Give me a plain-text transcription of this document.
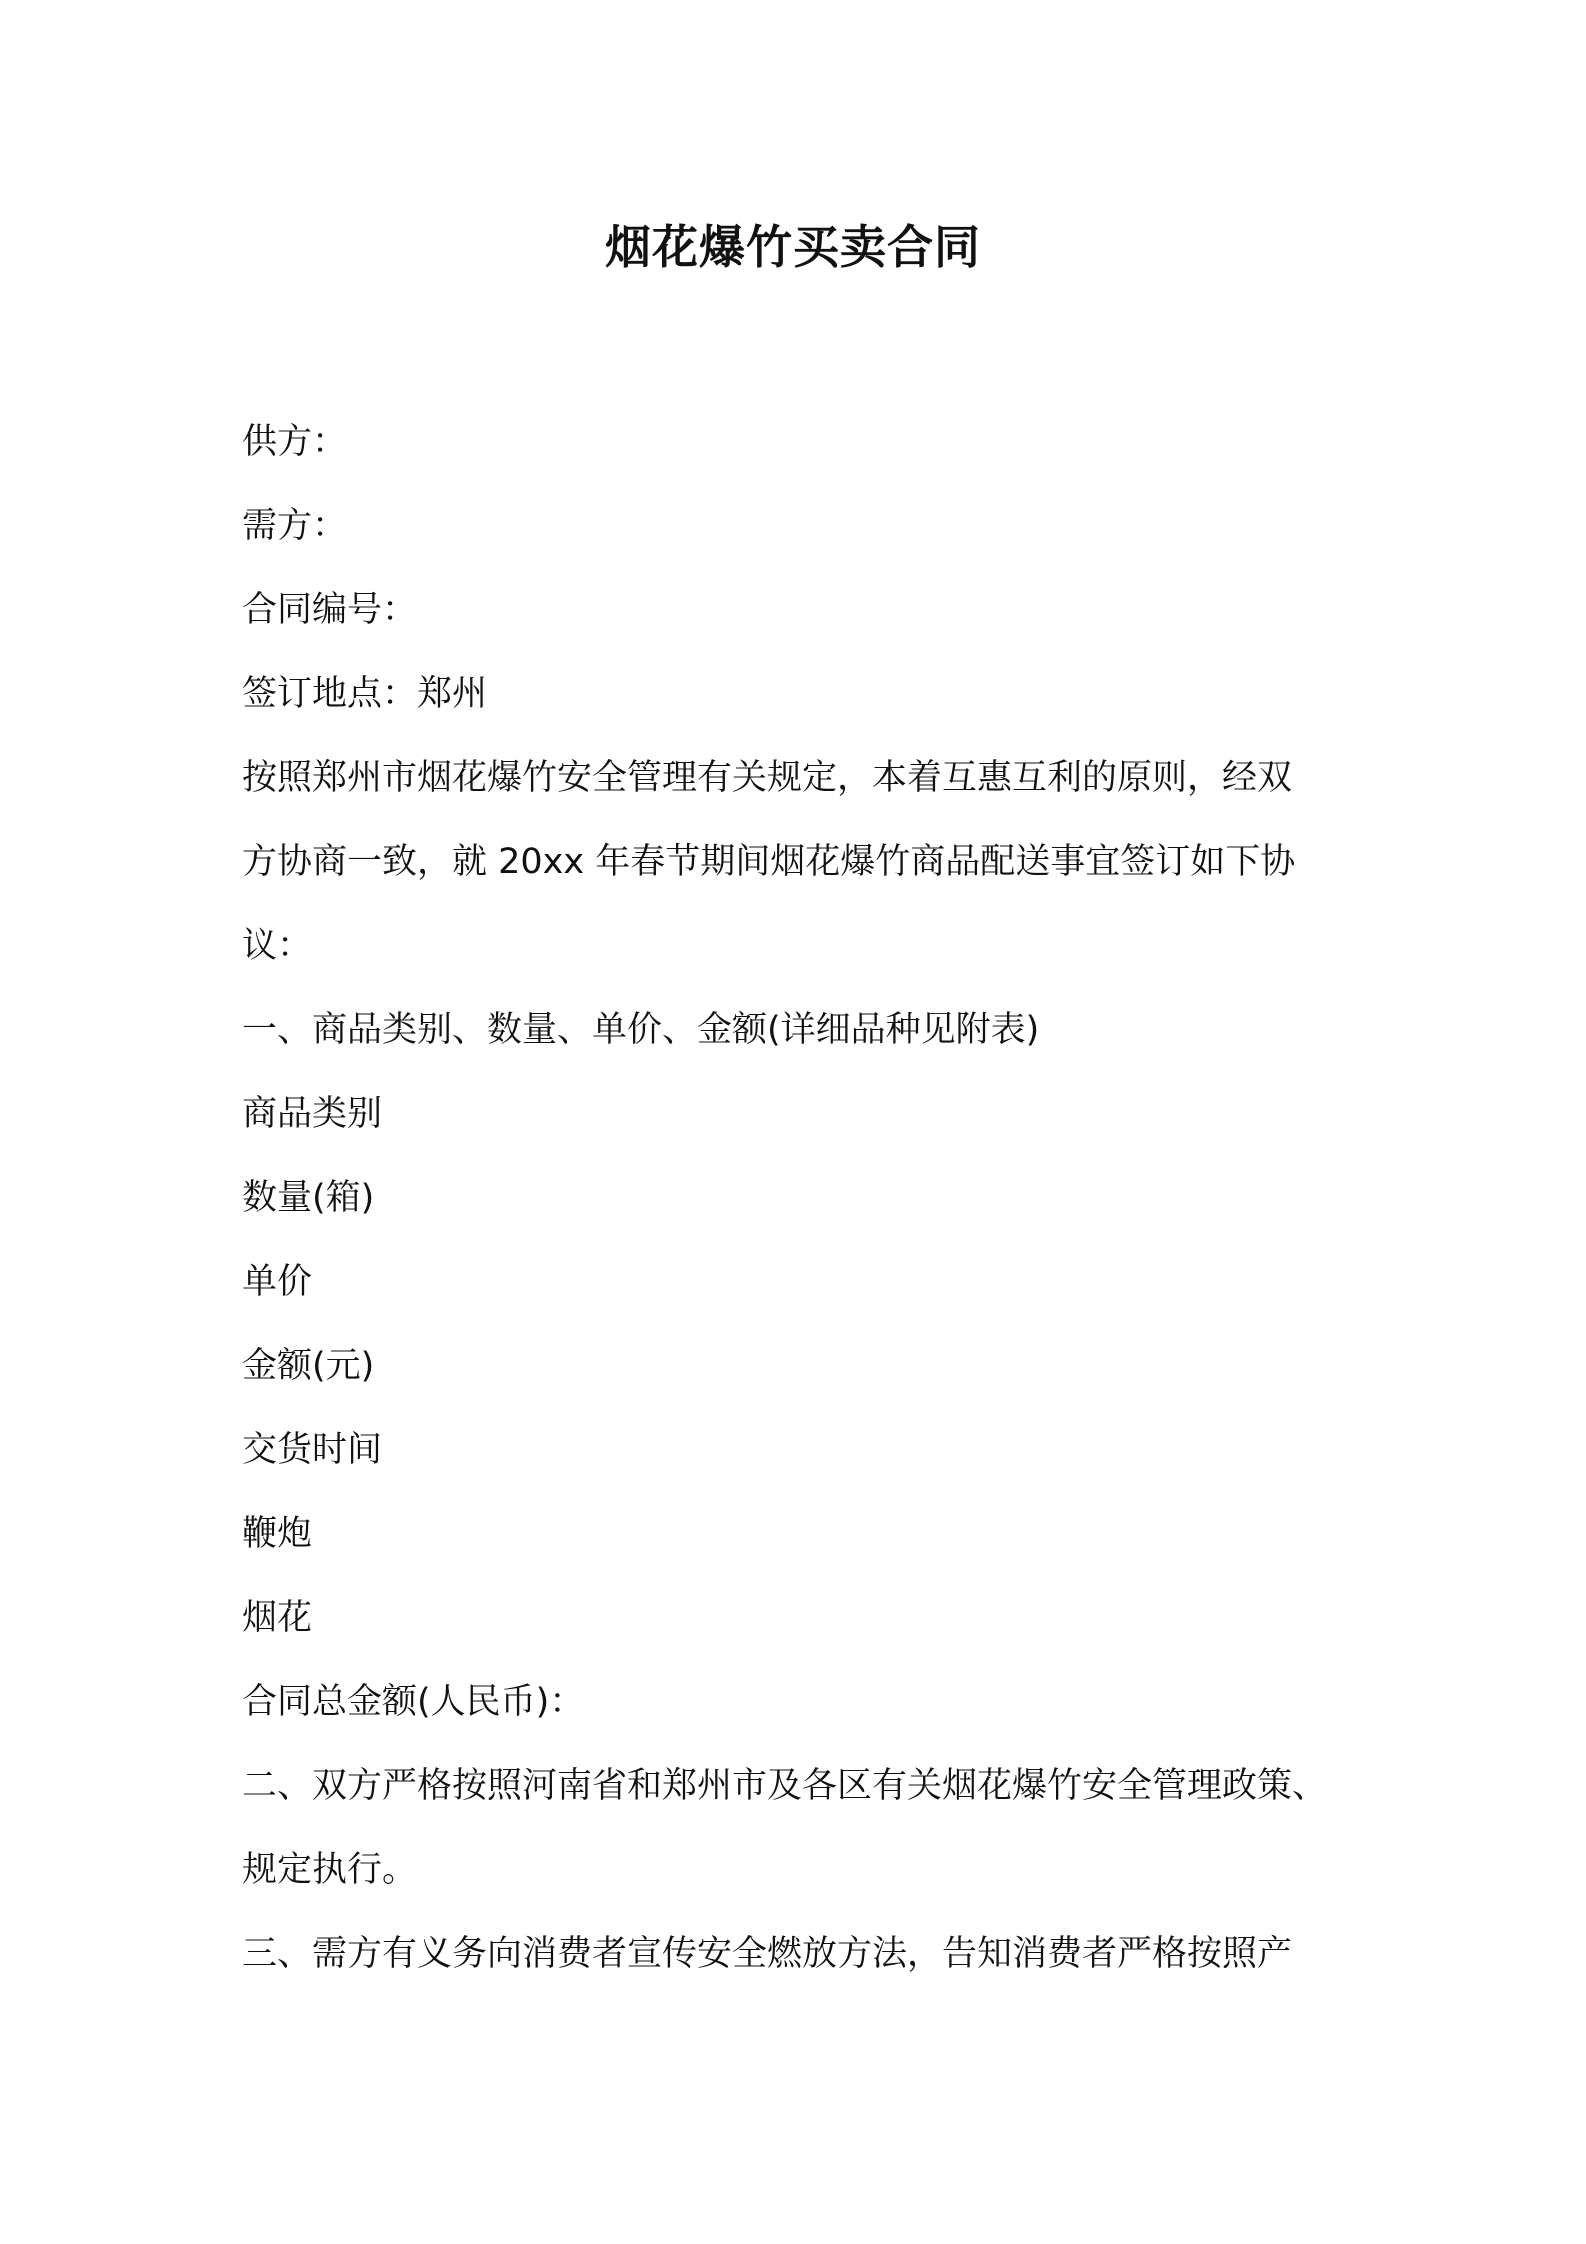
烟花爆竹买卖合同

供方：

需方：

合同编号：

签订地点：郑州

按照郑州市烟花爆竹安全管理有关规定，本着互惠互利的原则，经双

方协商一致，就 20xx 年春节期间烟花爆竹商品配送事宜签订如下协

议：

一、商品类别、数量、单价、金额(详细品种见附表)

商品类别

数量(箱)

单价

金额(元)

交货时间

鞭炮

烟花

合同总金额(人民币)：

二、双方严格按照河南省和郑州市及各区有关烟花爆竹安全管理政策、

规定执行。

三、需方有义务向消费者宣传安全燃放方法，告知消费者严格按照产
